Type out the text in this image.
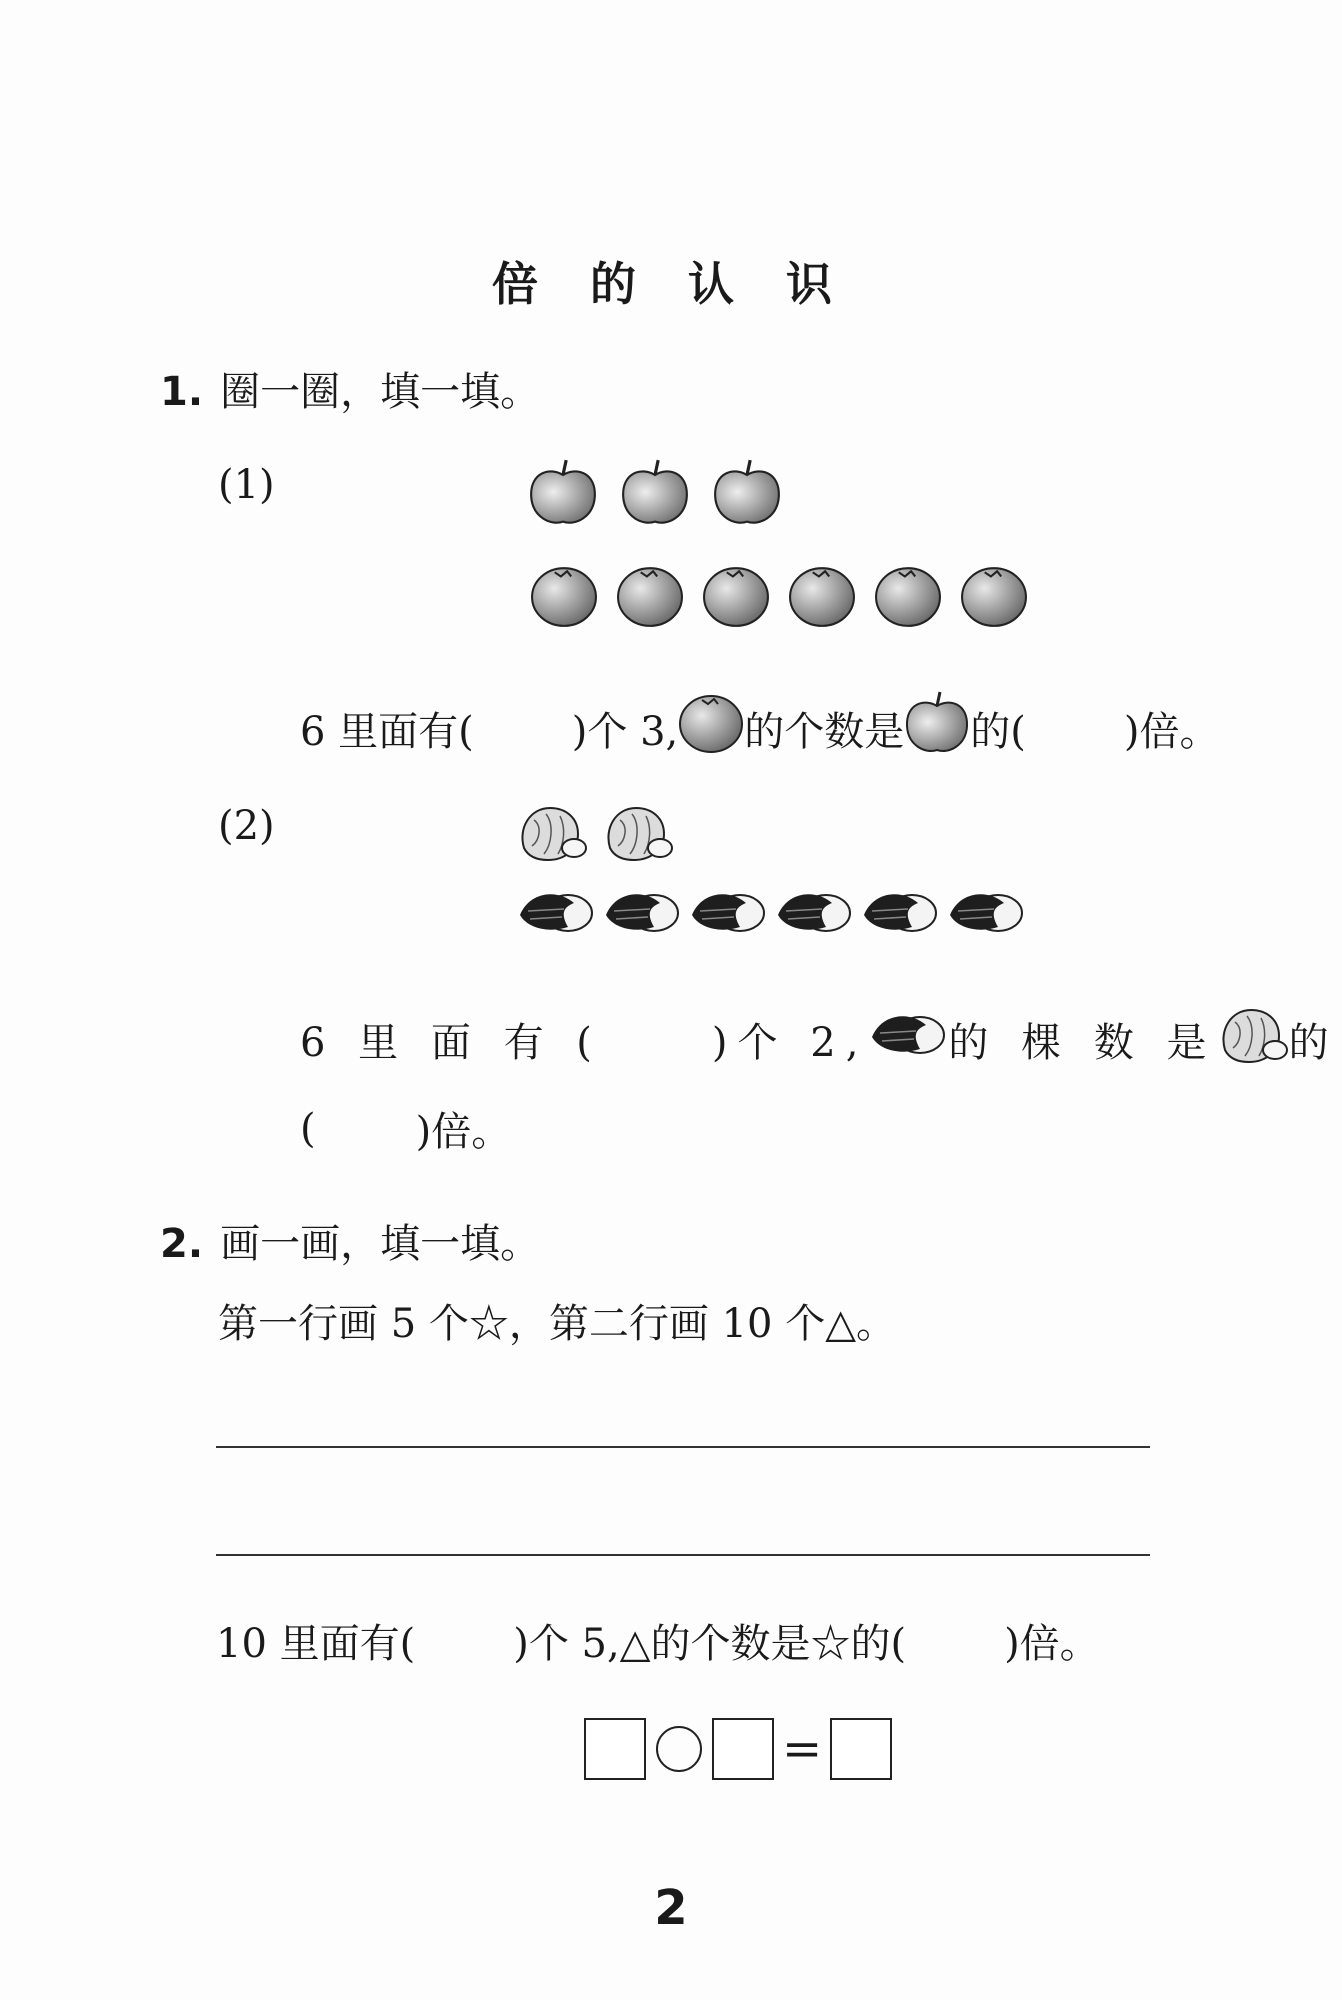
倍 的 认 识
1. 圈一圈，填一填。
(1)
6 里面有( )个 3, 的个数是 的( )倍。
(2)
6 里 面 有 (	)个 2, 的 棵 数 是 的
(	)倍。
2. 画一画，填一填。
第一行画 5 个☆，第二行画 10 个△。
10 里面有( )个 5,△的个数是☆的( )倍。
=
2
